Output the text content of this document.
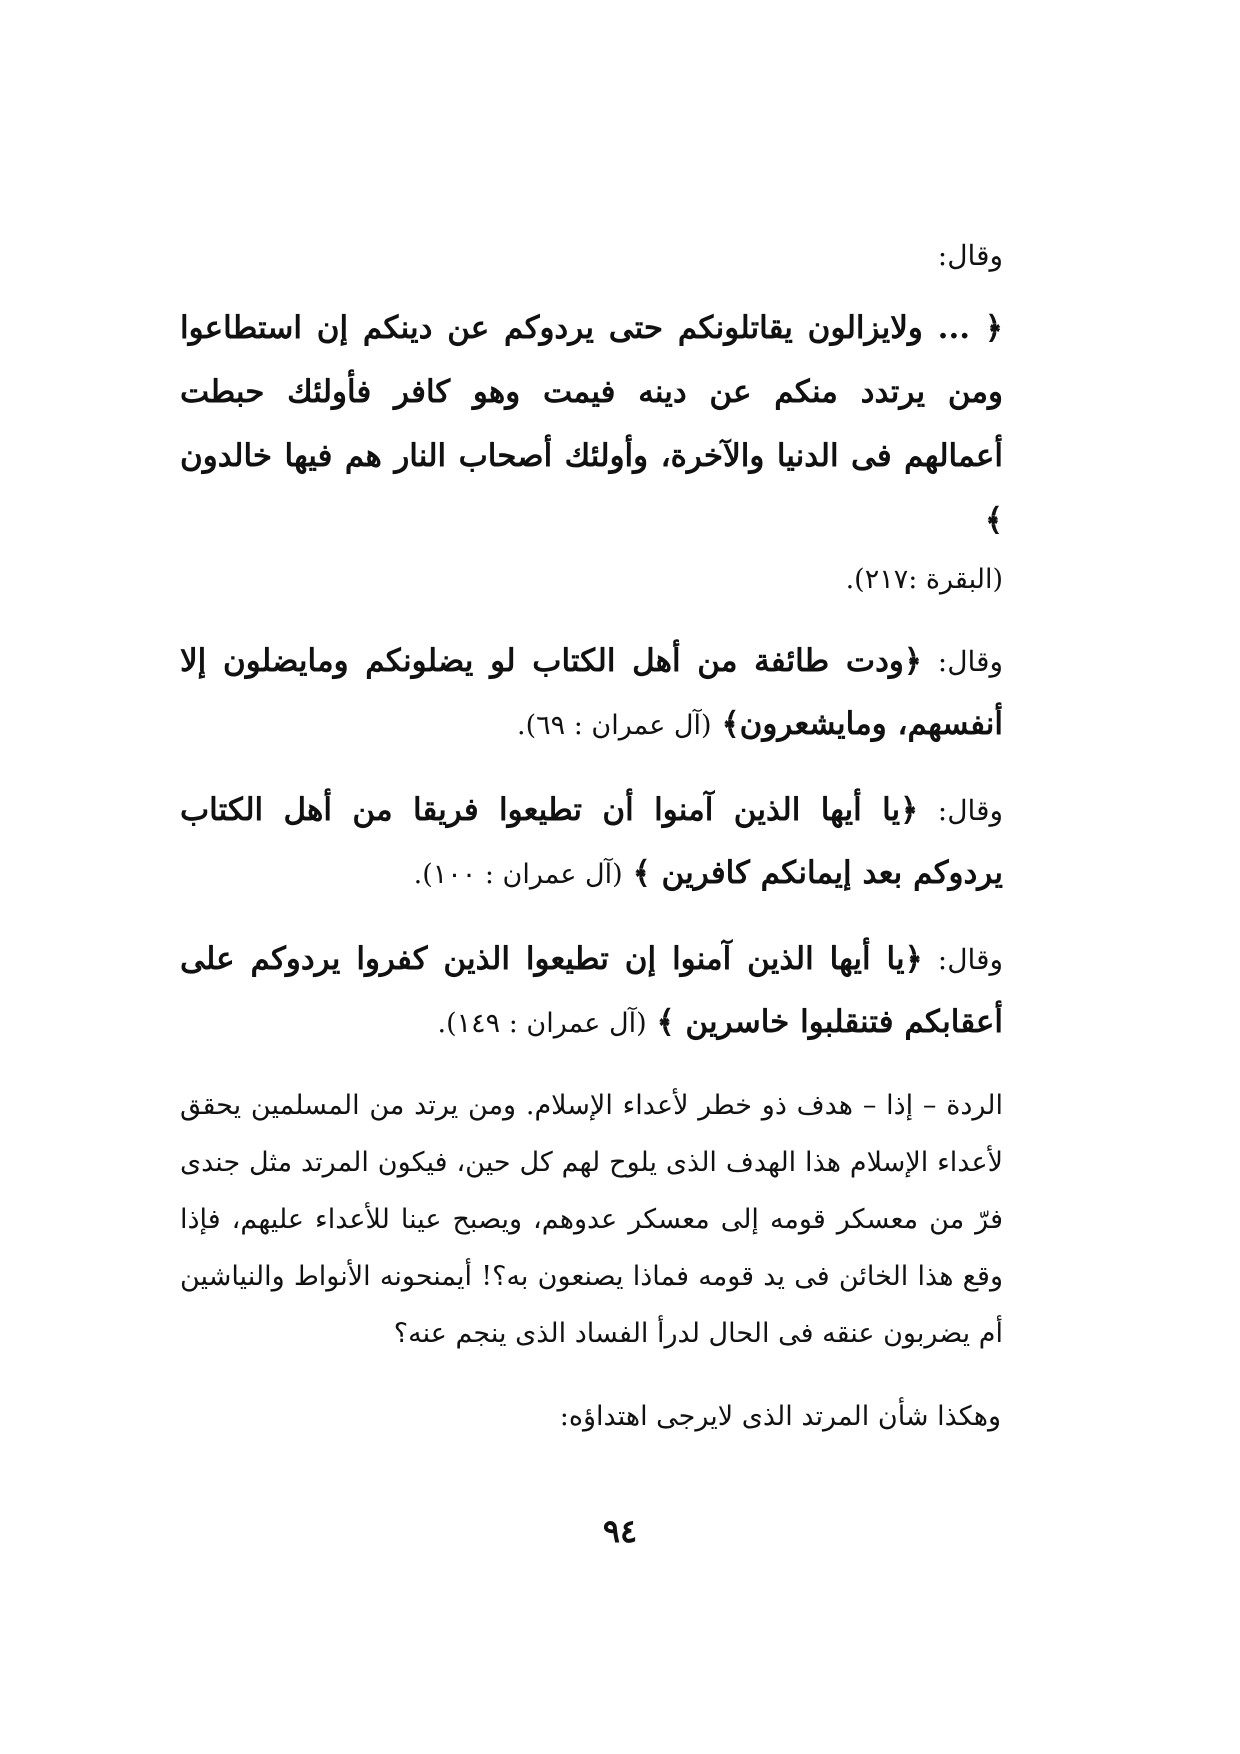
وقال:

﴿ ... ولايزالون يقاتلونكم حتى يردوكم عن دينكم إن استطاعوا ومن يرتدد منكم عن دينه فيمت وهو كافر فأولئك حبطت أعمالهم فى الدنيا والآخرة، وأولئك أصحاب النار هم فيها خالدون ﴾

(البقرة :٢١٧).

وقال: ﴿ودت طائفة من أهل الكتاب لو يضلونكم ومايضلون إلا أنفسهم، ومايشعرون﴾ (آل عمران : ٦٩).

وقال: ﴿يا أيها الذين آمنوا أن تطيعوا فريقا من أهل الكتاب يردوكم بعد إيمانكم كافرين ﴾ (آل عمران : ١٠٠).

وقال: ﴿يا أيها الذين آمنوا إن تطيعوا الذين كفروا يردوكم على أعقابكم فتنقلبوا خاسرين ﴾ (آل عمران : ١٤٩).

الردة – إذا – هدف ذو خطر لأعداء الإسلام. ومن يرتد من المسلمين يحقق لأعداء الإسلام هذا الهدف الذى يلوح لهم كل حين، فيكون المرتد مثل جندى فرّ من معسكر قومه إلى معسكر عدوهم، ويصبح عينا للأعداء عليهم، فإذا وقع هذا الخائن فى يد قومه فماذا يصنعون به؟! أيمنحونه الأنواط والنياشين أم يضربون عنقه فى الحال لدرأ الفساد الذى ينجم عنه؟

وهكذا شأن المرتد الذى لايرجى اهتداؤه:

٩٤
